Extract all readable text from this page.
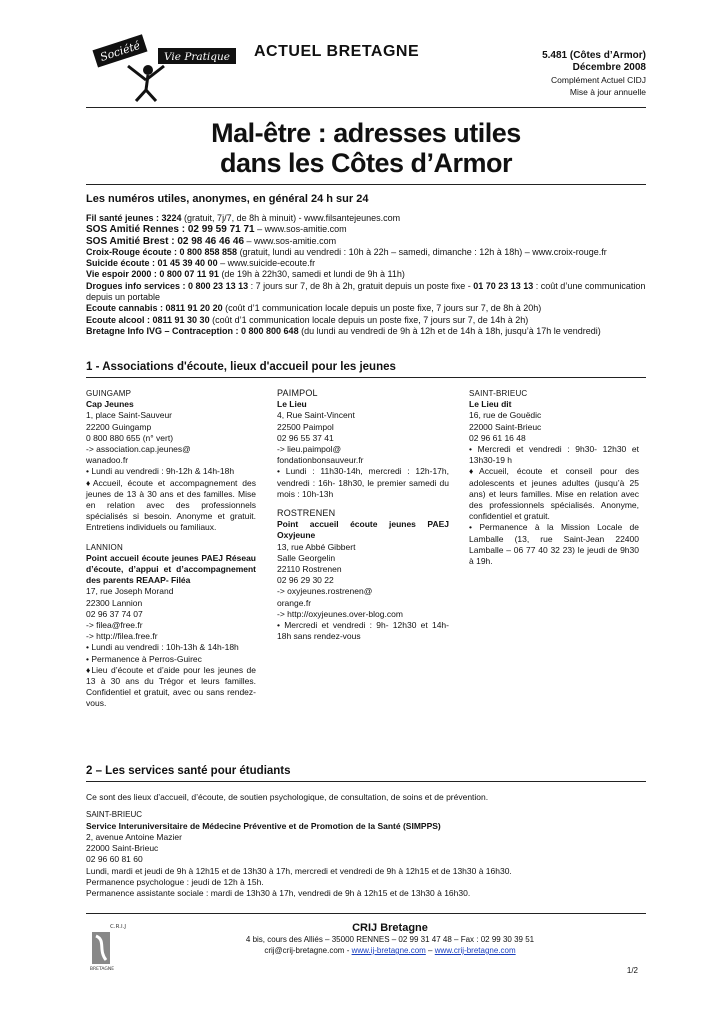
Société Vie Pratique ACTUEL BRETAGNE	5.481 (Côtes d’Armor)
Décembre 2008
Complément Actuel CIDJ
Mise à jour annuelle
Mal-être : adresses utiles
dans les Côtes d’Armor
Les numéros utiles, anonymes, en général 24 h sur 24

Fil santé jeunes : 3224 (gratuit, 7j/7, de 8h à minuit) - www.filsantejeunes.com

SOS Amitié Rennes : 02 99 59 71 71 – www.sos-amitie.com

SOS Amitié Brest : 02 98 46 46 46 – www.sos-amitie.com

Croix-Rouge écoute : 0 800 858 858 (gratuit, lundi au vendredi : 10h à 22h – samedi, dimanche : 12h à 18h) – www.croix-rouge.fr

Suicide écoute : 01 45 39 40 00 – www.suicide-ecoute.fr

Vie espoir 2000 : 0 800 07 11 91 (de 19h à 22h30, samedi et lundi de 9h à 11h)

Drogues info services : 0 800 23 13 13 : 7 jours sur 7, de 8h à 2h, gratuit depuis un poste fixe - 01 70 23 13 13 : coût d’une communication depuis un portable

Ecoute cannabis : 0811 91 20 20 (coût d’1 communication locale depuis un poste fixe, 7 jours sur 7, de 8h à 20h)

Ecoute alcool : 0811 91 30 30 (coût d’1 communication locale depuis un poste fixe, 7 jours sur 7, de 14h à 2h)

Bretagne Info IVG – Contraception : 0 800 800 648 (du lundi au vendredi de 9h à 12h et de 14h à 18h, jusqu’à 17h le vendredi)

1 - Associations d'écoute, lieux d'accueil pour les jeunes

GUINGAMP

Cap Jeunes

1, place Saint-Sauveur

22200 Guingamp

0 800 880 655 (n° vert)

-> association.cap.jeunes@

wanadoo.fr

• Lundi au vendredi : 9h-12h & 14h-18h

♦Accueil, écoute et accompagnement des jeunes de 13 à 30 ans et des familles. Mise en relation avec des professionnels spécialisés si besoin. Anonyme et gratuit. Entretiens individuels ou familiaux.

LANNION

Point accueil écoute jeunes PAEJ Réseau d’écoute, d’appui et d’accompagnement des parents REAAP- Filéa

17, rue Joseph Morand

22300 Lannion

02 96 37 74 07

-> filea@free.fr

-> http://filea.free.fr

• Lundi au vendredi : 10h-13h & 14h-18h

• Permanence à Perros-Guirec

♦Lieu d’écoute et d’aide pour les jeunes de 13 à 30 ans du Trégor et leurs familles. Confidentiel et gratuit, avec ou sans rendez-vous.

PAIMPOL

Le Lieu

4, Rue Saint-Vincent

22500 Paimpol

02 96 55 37 41

-> lieu.paimpol@

fondationbonsauveur.fr

• Lundi : 11h30-14h, mercredi : 12h-17h, vendredi : 16h- 18h30, le premier samedi du mois : 10h-13h

ROSTRENEN

Point accueil écoute jeunes PAEJ Oxyjeune

13, rue Abbé Gibbert

Salle Georgelin

22110 Rostrenen

02 96 29 30 22

-> oxyjeunes.rostrenen@

orange.fr

-> http://oxyjeunes.over-blog.com

• Mercredi et vendredi : 9h- 12h30 et 14h- 18h sans rendez-vous

SAINT-BRIEUC

Le Lieu dit

16, rue de Gouëdic

22000 Saint-Brieuc

02 96 61 16 48

• Mercredi et vendredi : 9h30- 12h30 et 13h30-19 h

♦Accueil, écoute et conseil pour des adolescents et jeunes adultes (jusqu’à 25 ans) et leurs familles. Mise en relation avec des professionnels spécialisés. Anonyme, confidentiel et gratuit.

• Permanence à la Mission Locale de Lamballe (13, rue Saint-Jean 22400 Lamballe – 06 77 40 32 23) le jeudi de 9h30 à 19h.

2 – Les services santé pour étudiants

Ce sont des lieux d’accueil, d’écoute, de soutien psychologique, de consultation, de soins et de prévention.

SAINT-BRIEUC

Service Interuniversitaire de Médecine Préventive et de Promotion de la Santé (SIMPPS)

2, avenue Antoine Mazier

22000 Saint-Brieuc

02 96 60 81 60

Lundi, mardi et jeudi de 9h à 12h15 et de 13h30 à 17h, mercredi et vendredi de 9h à 12h15 et de 13h30 à 16h30.

Permanence psychologue : jeudi de 12h à 15h.

Permanence assistante sociale : mardi de 13h30 à 17h, vendredi de 9h à 12h15 et de 13h30 à 16h30.

C.R.I.J
BRETAGNE
CRIJ Bretagne
4 bis, cours des Alliés – 35000 RENNES – 02 99 31 47 48 – Fax : 02 99 30 39 51
crij@crij-bretagne.com - www.ij-bretagne.com – www.crij-bretagne.com
1/2
